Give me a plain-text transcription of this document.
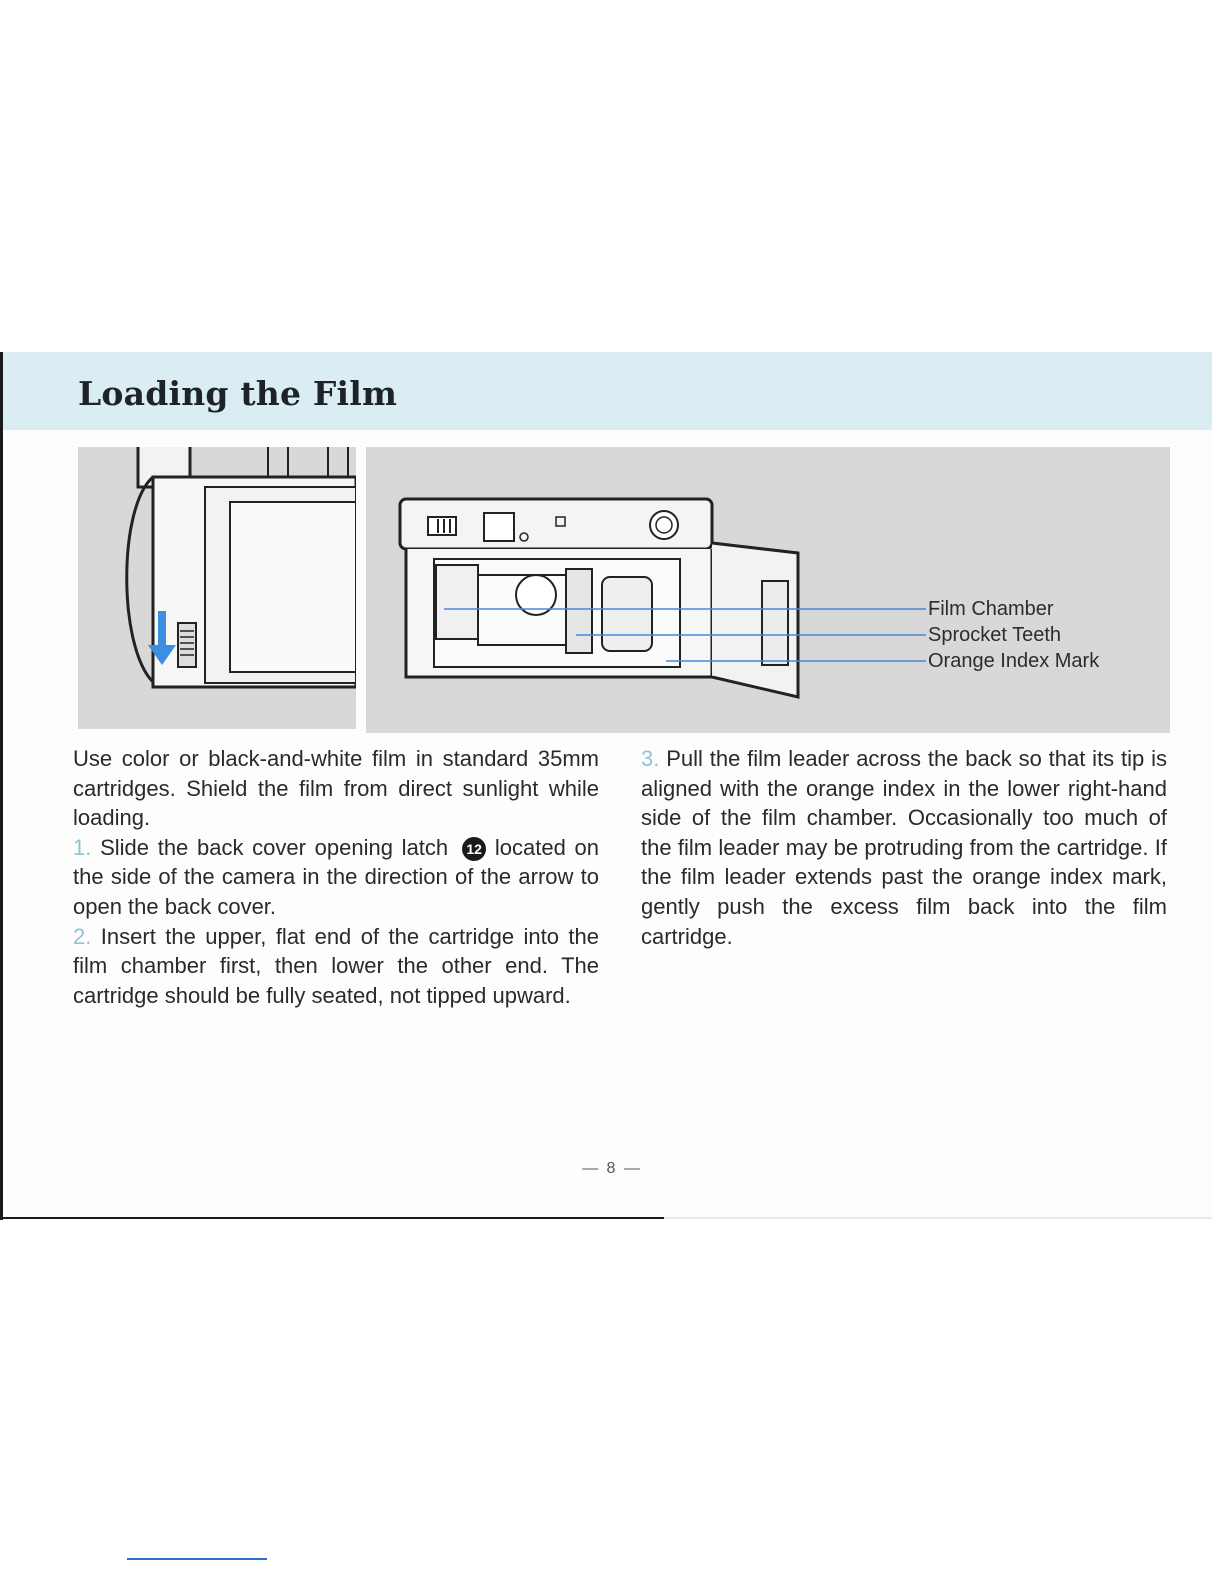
Loading the Film
Film Chamber
Sprocket Teeth
Orange Index Mark

Use color or black-and-white film in standard 35mm cartridges. Shield the film from direct sunlight while loading.

1. Slide the back cover opening latch 12 located on the side of the camera in the direction of the arrow to open the back cover.

2. Insert the upper, flat end of the cartridge into the film chamber first, then lower the other end. The cartridge should be fully seated, not tipped upward.

3. Pull the film leader across the back so that its tip is aligned with the orange index in the lower right-hand side of the film chamber. Occasionally too much of the film leader may be protruding from the cartridge. If the film leader extends past the orange index mark, gently push the excess film back into the film cartridge.

— 8 —
